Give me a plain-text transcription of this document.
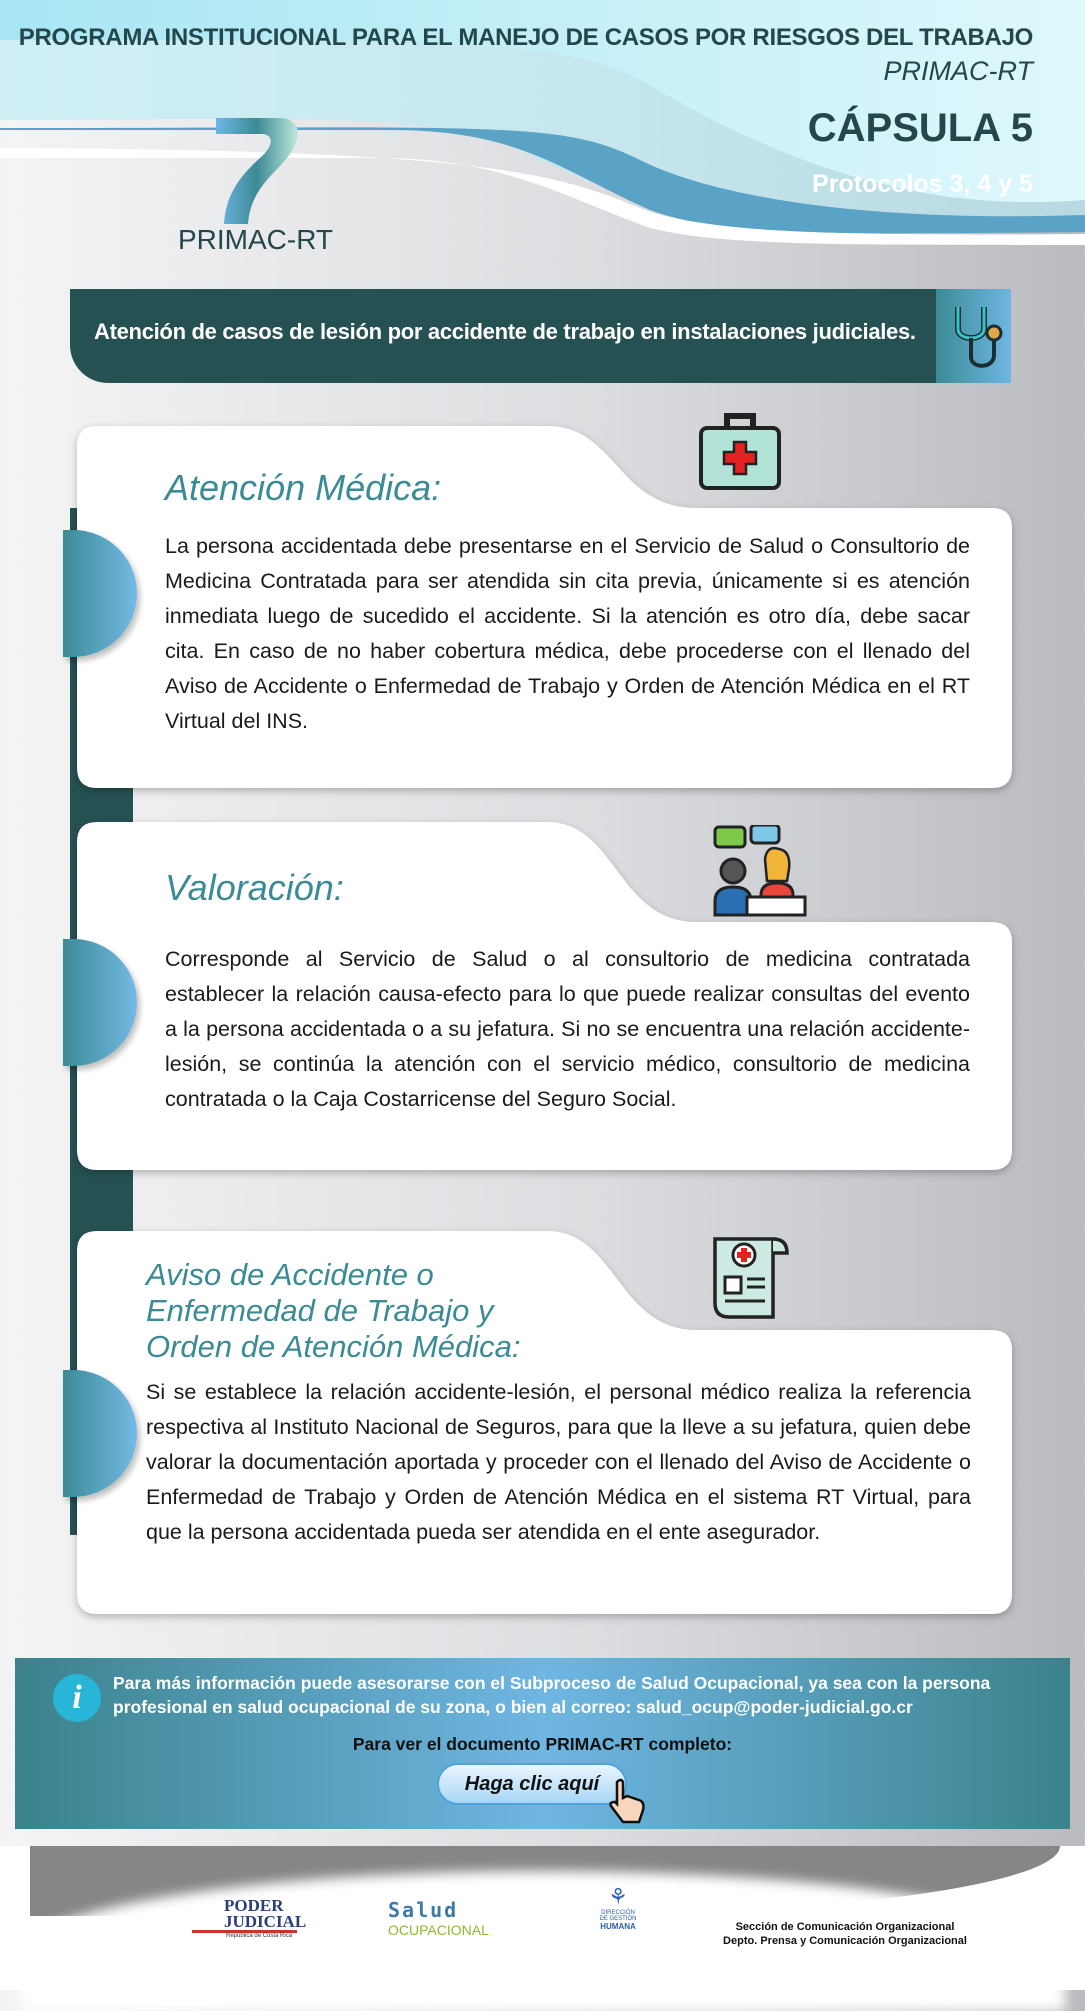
PROGRAMA INSTITUCIONAL PARA EL MANEJO DE CASOS POR RIESGOS DEL TRABAJO
PRIMAC-RT
CÁPSULA 5
Protocolos 3, 4 y 5
PRIMAC-RT
Atención de casos de lesión por accidente de trabajo en instalaciones judiciales.
Atención Médica:
La persona accidentada debe presentarse en el Servicio de Salud o Consultorio de Medicina Contratada para ser atendida sin cita previa, únicamente si es atención inmediata luego de sucedido el accidente. Si la atención es otro día, debe sacar cita. En caso de no haber cobertura médica, debe procederse con el llenado del Aviso de Accidente o Enfermedad de Trabajo y Orden de Atención Médica en el RT Virtual del INS.
Valoración:
Corresponde al Servicio de Salud o al consultorio de medicina contratada establecer la relación causa-efecto para lo que puede realizar consultas del evento a la persona accidentada o a su jefatura. Si no se encuentra una relación accidente-lesión, se continúa la atención con el servicio médico, consultorio de medicina contratada o la Caja Costarricense del Seguro Social.
Aviso de Accidente o
Enfermedad de Trabajo y
Orden de Atención Médica:
Si se establece la relación accidente-lesión, el personal médico realiza la referencia respectiva al Instituto Nacional de Seguros, para que la lleve a su jefatura, quien debe valorar la documentación aportada y proceder con el llenado del Aviso de Accidente o Enfermedad de Trabajo y Orden de Atención Médica en el sistema RT Virtual, para que la persona accidentada pueda ser atendida en el ente asegurador.
i	Para más información puede asesorarse con el Subproceso de Salud Ocupacional, ya sea con la persona profesional en salud ocupacional de su zona, o bien al correo: salud_ocup@poder-judicial.go.cr
Para ver el documento PRIMAC-RT completo:
Haga clic aquí
PODER
JUDICIAL
República de Costa Rica
Salud
OCUPACIONAL
⚘
DIRECCIÓN
DE GESTIÓN
HUMANA	Sección de Comunicación Organizacional
Depto. Prensa y Comunicación Organizacional
